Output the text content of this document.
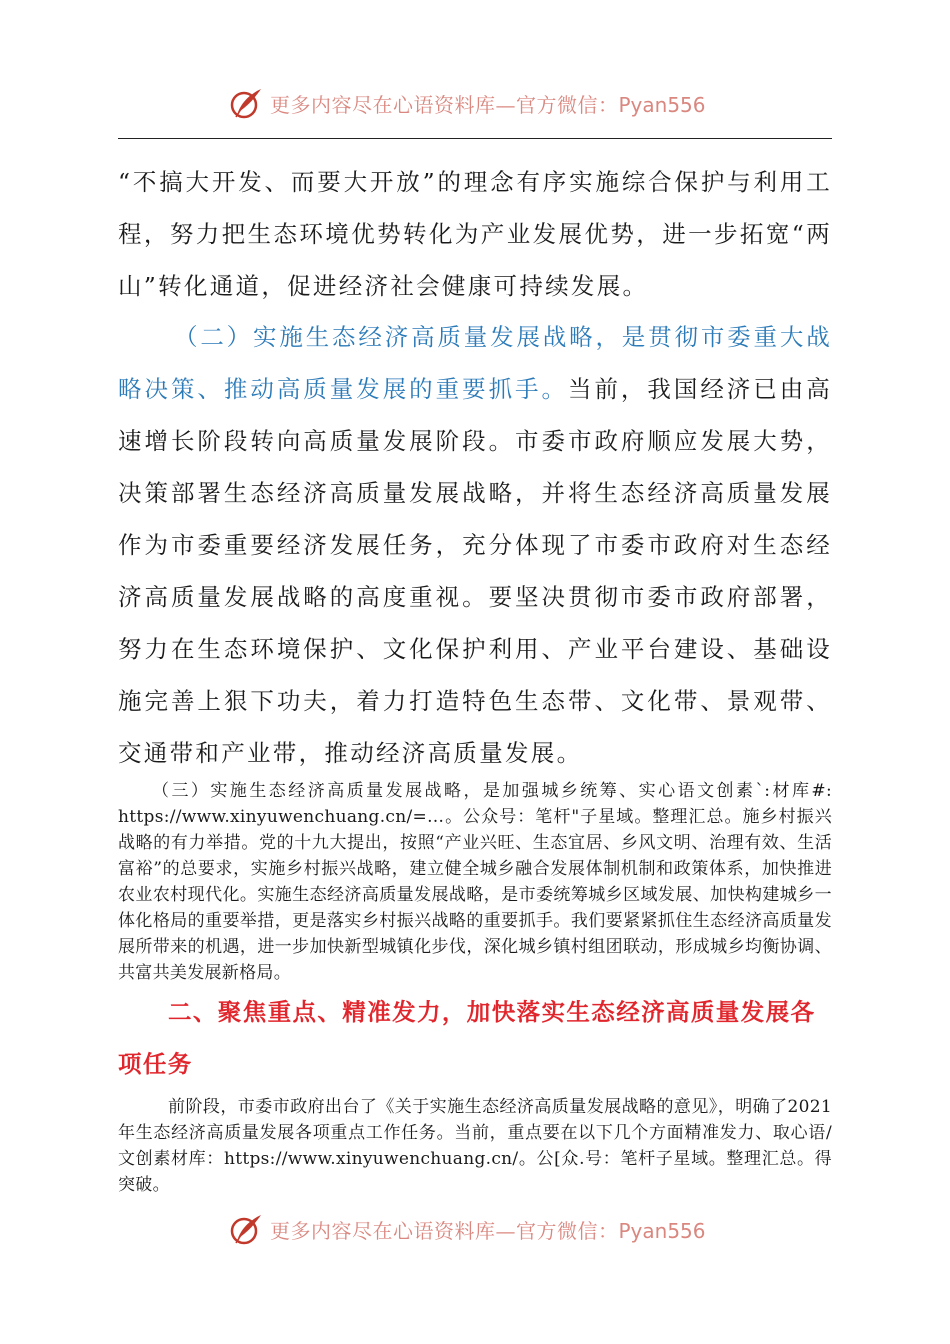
更多内容尽在心语资料库—官方微信：Pyan556

“不搞大开发、而要大开放”的理念有序实施综合保护与利用工程，努力把生态环境优势转化为产业发展优势，进一步拓宽“两山”转化通道，促进经济社会健康可持续发展。

（二）实施生态经济高质量发展战略，是贯彻市委重大战略决策、推动高质量发展的重要抓手。当前，我国经济已由高速增长阶段转向高质量发展阶段。市委市政府顺应发展大势，决策部署生态经济高质量发展战略，并将生态经济高质量发展作为市委重要经济发展任务，充分体现了市委市政府对生态经济高质量发展战略的高度重视。要坚决贯彻市委市政府部署，努力在生态环境保护、文化保护利用、产业平台建设、基础设施完善上狠下功夫，着力打造特色生态带、文化带、景观带、交通带和产业带，推动经济高质量发展。

（三）实施生态经济高质量发展战略，是加强城乡统筹、实心语文创素`:材库#: https://www.xinyuwenchuang.cn/=…。公众号：笔杆"子星域。整理汇总。施乡村振兴战略的有力举措。党的十九大提出，按照“产业兴旺、生态宜居、乡风文明、治理有效、生活富裕”的总要求，实施乡村振兴战略，建立健全城乡融合发展体制机制和政策体系，加快推进农业农村现代化。实施生态经济高质量发展战略，是市委统筹城乡区域发展、加快构建城乡一体化格局的重要举措，更是落实乡村振兴战略的重要抓手。我们要紧紧抓住生态经济高质量发展所带来的机遇，进一步加快新型城镇化步伐，深化城乡镇村组团联动，形成城乡均衡协调、共富共美发展新格局。

二、聚焦重点、精准发力，加快落实生态经济高质量发展各项任务

前阶段，市委市政府出台了《关于实施生态经济高质量发展战略的意见》，明确了2021年生态经济高质量发展各项重点工作任务。当前，重点要在以下几个方面精准发力、取心语/文创素材库：https://www.xinyuwenchuang.cn/。公[众.号：笔杆子星域。整理汇总。得突破。

更多内容尽在心语资料库—官方微信：Pyan556
